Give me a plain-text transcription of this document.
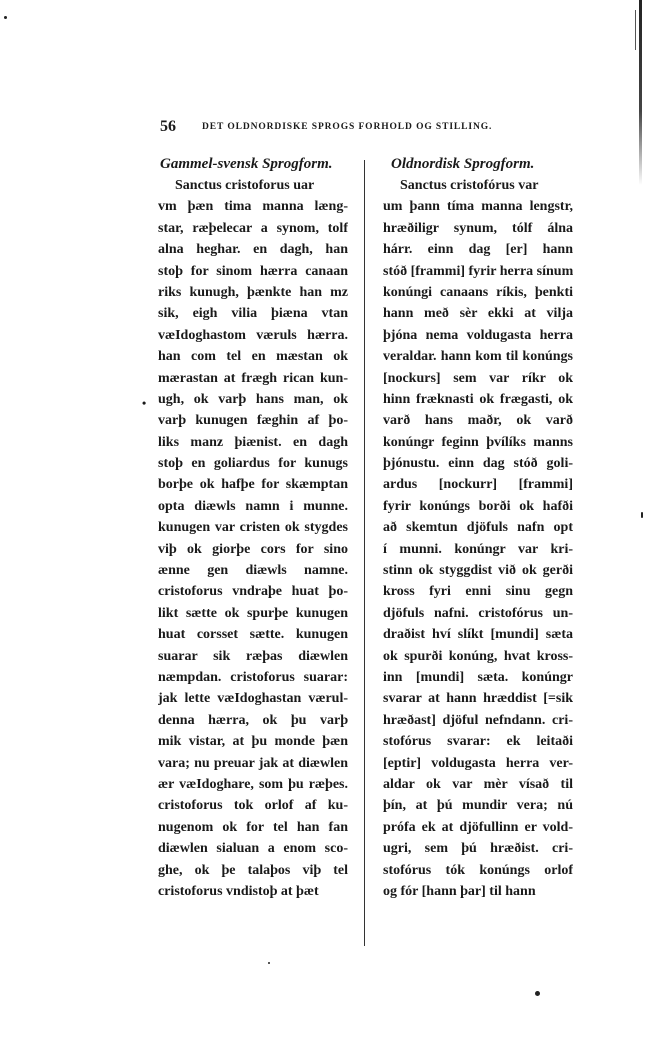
56	DET OLDNORDISKE SPROGS FORHOLD OG STILLING.
•
Gammel-svensk Sprogform.
Sanctus cristoforus uar
vm þæn tima manna læng-
star, ræþelecar a synom, tolf
alna heghar. en dagh, han
stoþ for sinom hærra canaan
riks kunugh, þænkte han mz
sik, eigh vilia þiæna vtan
væIdoghastom væruls hærra.
han com tel en mæstan ok
mærastan at frægh rican kun-
ugh, ok varþ hans man, ok
varþ kunugen fæghin af þo-
liks manz þiænist. en dagh
stoþ en goliardus for kunugs
borþe ok hafþe for skæmptan
opta diæwls namn i munne.
kunugen var cristen ok stygdes
viþ ok giorþe cors for sino
ænne gen diæwls namne.
cristoforus vndraþe huat þo-
likt sætte ok spurþe kunugen
huat corsset sætte. kunugen
suarar sik ræþas diæwlen
næmpdan. cristoforus suarar:
jak lette væIdoghastan værul-
denna hærra, ok þu varþ
mik vistar, at þu monde þæn
vara; nu preuar jak at diæwlen
ær væIdoghare, som þu ræþes.
cristoforus tok orlof af ku-
nugenom ok for tel han fan
diæwlen sialuan a enom sco-
ghe, ok þe talaþos viþ tel
cristoforus vndistoþ at þæt
Oldnordisk Sprogform.
Sanctus cristofórus var
um þann tíma manna lengstr,
hræðiligr synum, tólf álna
hárr. einn dag [er] hann
stóð [frammi] fyrir herra sínum
konúngi canaans ríkis, þenkti
hann með sèr ekki at vilja
þjóna nema voldugasta herra
veraldar. hann kom til konúngs
[nockurs] sem var ríkr ok
hinn fræknasti ok frægasti, ok
varð hans maðr, ok varð
konúngr feginn þvílíks manns
þjónustu. einn dag stóð goli-
ardus [nockurr] [frammi]
fyrir konúngs borði ok hafði
að skemtun djöfuls nafn opt
í munni. konúngr var kri-
stinn ok styggdist við ok gerði
kross fyri enni sinu gegn
djöfuls nafni. cristofórus un-
draðist hví slíkt [mundi] sæta
ok spurði konúng, hvat kross-
inn [mundi] sæta. konúngr
svarar at hann hræddist [=sik
hræðast] djöful nefndann. cri-
stofórus svarar: ek leitaði
[eptir] voldugasta herra ver-
aldar ok var mèr vísað til
þín, at þú mundir vera; nú
prófa ek at djöfullinn er vold-
ugri, sem þú hræðist. cri-
stofórus tók konúngs orlof
og fór [hann þar] til hann
